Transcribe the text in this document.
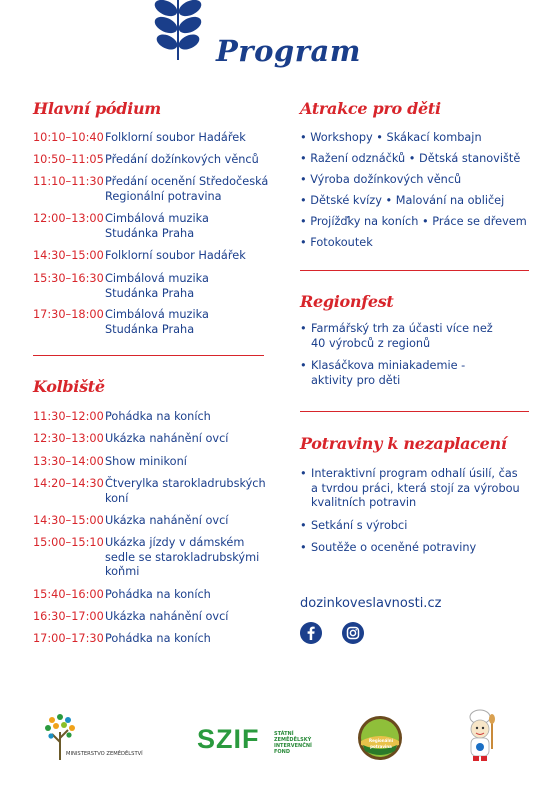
Program
Hlavní pódium
10:10–10:40 Folklorní soubor Hadářek
10:50–11:05 Předání dožínkových věnců
11:10–11:30 Předání ocenění Středočeská Regionální potravina
12:00–13:00 Cimbálová muzika Studánka Praha
14:30–15:00 Folklorní soubor Hadářek
15:30–16:30 Cimbálová muzika Studánka Praha
17:30–18:00 Cimbálová muzika Studánka Praha
Kolbiště
11:30–12:00 Pohádka na koních
12:30–13:00 Ukázka nahánění ovcí
13:30–14:00 Show minikoní
14:20–14:30 Čtverylka starokladrubských koní
14:30–15:00 Ukázka nahánění ovcí
15:00–15:10 Ukázka jízdy v dámském sedle se starokladrubskými koňmi
15:40–16:00 Pohádka na koních
16:30–17:00 Ukázka nahánění ovcí
17:00–17:30 Pohádka na koních
Atrakce pro děti
• Workshopy • Skákací kombajn
• Ražení odznáčků • Dětská stanoviště
• Výroba dožínkových věnců
• Dětské kvízy • Malování na obličej
• Projížďky na koních • Práce se dřevem
• Fotokoutek
Regionfest
• Farmářský trh za účasti více než 40 výrobců z regionů
• Klasáčkova miniakademie - aktivity pro děti
Potraviny k nezaplacení
• Interaktivní program odhalí úsilí, čas a tvrdou práci, která stojí za výrobou kvalitních potravin
• Setkání s výrobci
• Soutěže o oceněné potraviny
dozinkoveslavnosti.cz
MINISTERSTVO ZEMĚDĚLSTVÍ SZIF	STÁTNÍ ZEMĚDĚLSKÝ INTERVENČNÍ FOND
Regionální potravina
